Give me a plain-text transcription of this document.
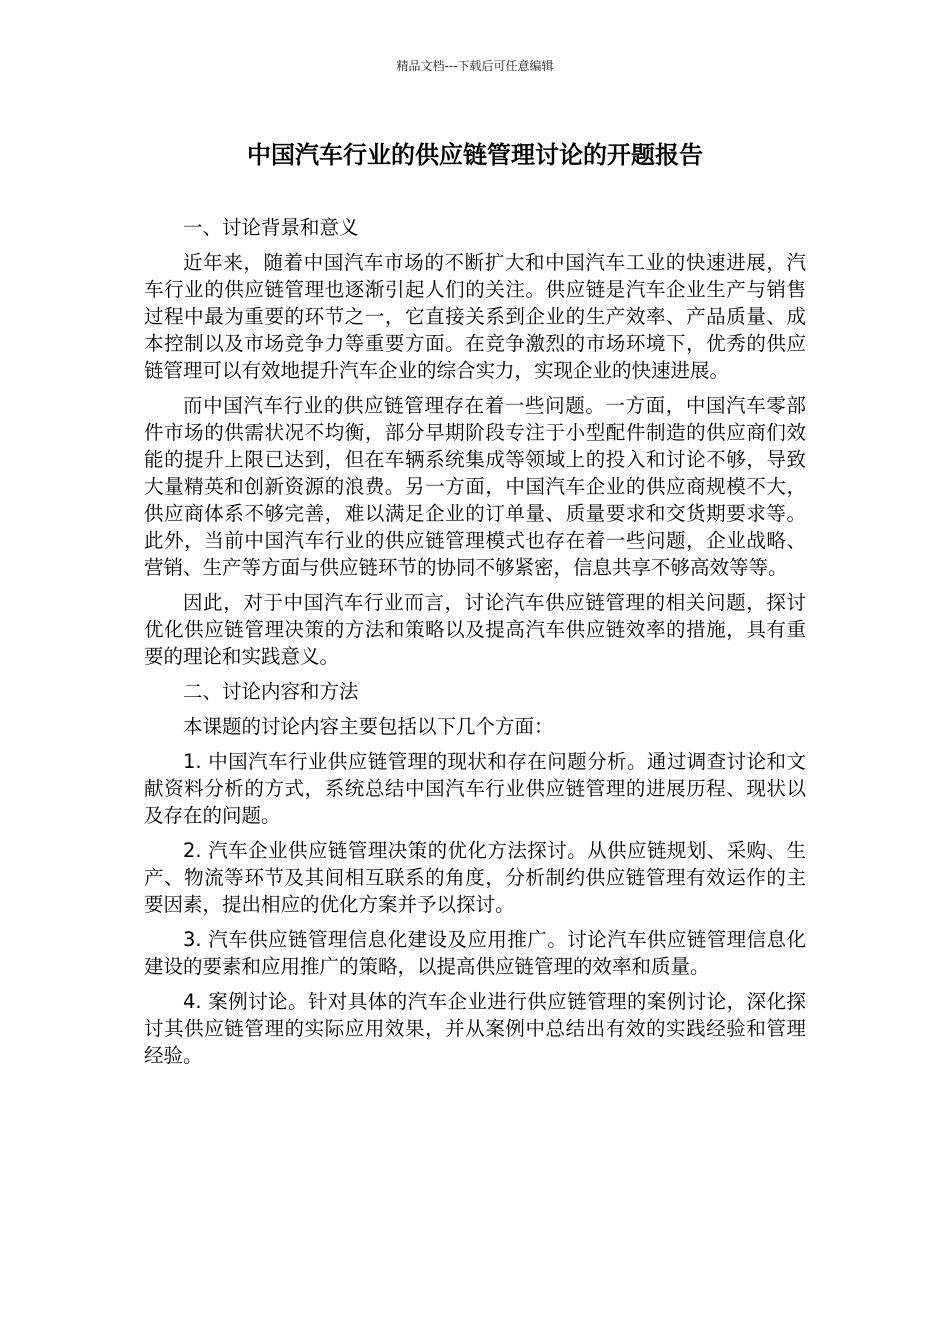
精品文档---下载后可任意编辑
中国汽车行业的供应链管理讨论的开题报告

一、讨论背景和意义

近年来，随着中国汽车市场的不断扩大和中国汽车工业的快速进展，汽车行业的供应链管理也逐渐引起人们的关注。供应链是汽车企业生产与销售过程中最为重要的环节之一，它直接关系到企业的生产效率、产品质量、成本控制以及市场竞争力等重要方面。在竞争激烈的市场环境下，优秀的供应链管理可以有效地提升汽车企业的综合实力，实现企业的快速进展。

而中国汽车行业的供应链管理存在着一些问题。一方面，中国汽车零部件市场的供需状况不均衡，部分早期阶段专注于小型配件制造的供应商们效能的提升上限已达到，但在车辆系统集成等领域上的投入和讨论不够，导致大量精英和创新资源的浪费。另一方面，中国汽车企业的供应商规模不大，供应商体系不够完善，难以满足企业的订单量、质量要求和交货期要求等。此外，当前中国汽车行业的供应链管理模式也存在着一些问题，企业战略、营销、生产等方面与供应链环节的协同不够紧密，信息共享不够高效等等。

因此，对于中国汽车行业而言，讨论汽车供应链管理的相关问题，探讨优化供应链管理决策的方法和策略以及提高汽车供应链效率的措施，具有重要的理论和实践意义。

二、讨论内容和方法

本课题的讨论内容主要包括以下几个方面：

1. 中国汽车行业供应链管理的现状和存在问题分析。通过调查讨论和文献资料分析的方式，系统总结中国汽车行业供应链管理的进展历程、现状以及存在的问题。

2. 汽车企业供应链管理决策的优化方法探讨。从供应链规划、采购、生产、物流等环节及其间相互联系的角度，分析制约供应链管理有效运作的主要因素，提出相应的优化方案并予以探讨。

3. 汽车供应链管理信息化建设及应用推广。讨论汽车供应链管理信息化建设的要素和应用推广的策略，以提高供应链管理的效率和质量。

4. 案例讨论。针对具体的汽车企业进行供应链管理的案例讨论，深化探讨其供应链管理的实际应用效果，并从案例中总结出有效的实践经验和管理经验。
